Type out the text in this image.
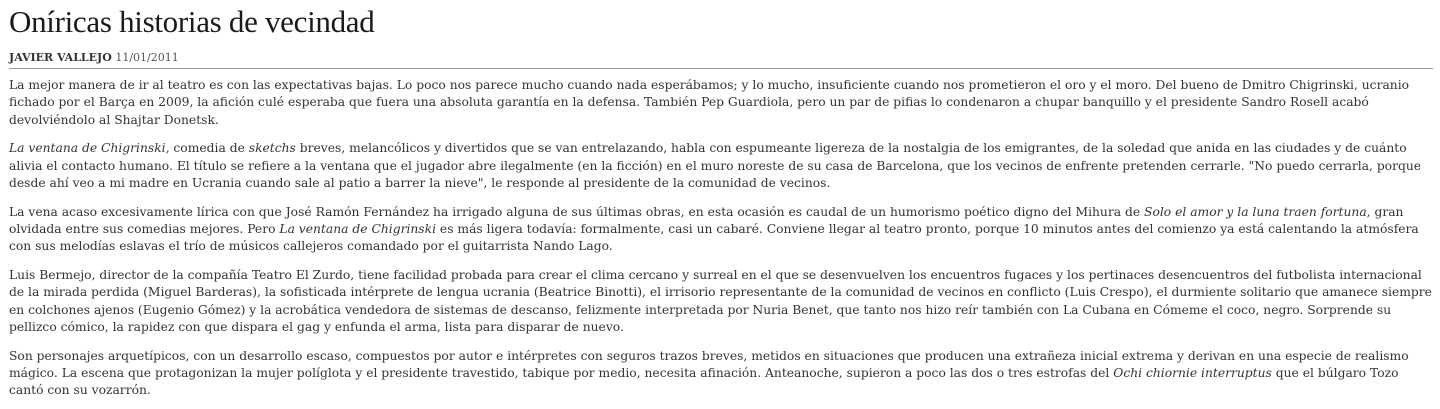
Oníricas historias de vecindad
JAVIER VALLEJO 11/01/2011

La mejor manera de ir al teatro es con las expectativas bajas. Lo poco nos parece mucho cuando nada esperábamos; y lo mucho, insuficiente cuando nos prometieron el oro y el moro. Del bueno de Dmitro Chigrinski, ucranio fichado por el Barça en 2009, la afición culé esperaba que fuera una absoluta garantía en la defensa. También Pep Guardiola, pero un par de pifias lo condenaron a chupar banquillo y el presidente Sandro Rosell acabó devolviéndolo al Shajtar Donetsk.

La ventana de Chigrinski, comedia de sketchs breves, melancólicos y divertidos que se van entrelazando, habla con espumeante ligereza de la nostalgia de los emigrantes, de la soledad que anida en las ciudades y de cuánto alivia el contacto humano. El título se refiere a la ventana que el jugador abre ilegalmente (en la ficción) en el muro noreste de su casa de Barcelona, que los vecinos de enfrente pretenden cerrarle. "No puedo cerrarla, porque desde ahí veo a mi madre en Ucrania cuando sale al patio a barrer la nieve", le responde al presidente de la comunidad de vecinos.

La vena acaso excesivamente lírica con que José Ramón Fernández ha irrigado alguna de sus últimas obras, en esta ocasión es caudal de un humorismo poético digno del Mihura de Solo el amor y la luna traen fortuna, gran olvidada entre sus comedias mejores. Pero La ventana de Chigrinski es más ligera todavía: formalmente, casi un cabaré. Conviene llegar al teatro pronto, porque 10 minutos antes del comienzo ya está calentando la atmósfera con sus melodías eslavas el trío de músicos callejeros comandado por el guitarrista Nando Lago.

Luis Bermejo, director de la compañía Teatro El Zurdo, tiene facilidad probada para crear el clima cercano y surreal en el que se desenvuelven los encuentros fugaces y los pertinaces desencuentros del futbolista internacional de la mirada perdida (Miguel Barderas), la sofisticada intérprete de lengua ucrania (Beatrice Binotti), el irrisorio representante de la comunidad de vecinos en conflicto (Luis Crespo), el durmiente solitario que amanece siempre en colchones ajenos (Eugenio Gómez) y la acrobática vendedora de sistemas de descanso, felizmente interpretada por Nuria Benet, que tanto nos hizo reír también con La Cubana en Cómeme el coco, negro. Sorprende su pellizco cómico, la rapidez con que dispara el gag y enfunda el arma, lista para disparar de nuevo.

Son personajes arquetípicos, con un desarrollo escaso, compuestos por autor e intérpretes con seguros trazos breves, metidos en situaciones que producen una extrañeza inicial extrema y derivan en una especie de realismo mágico. La escena que protagonizan la mujer políglota y el presidente travestido, tabique por medio, necesita afinación. Anteanoche, supieron a poco las dos o tres estrofas del Ochi chiornie interruptus que el búlgaro Tozo cantó con su vozarrón.
